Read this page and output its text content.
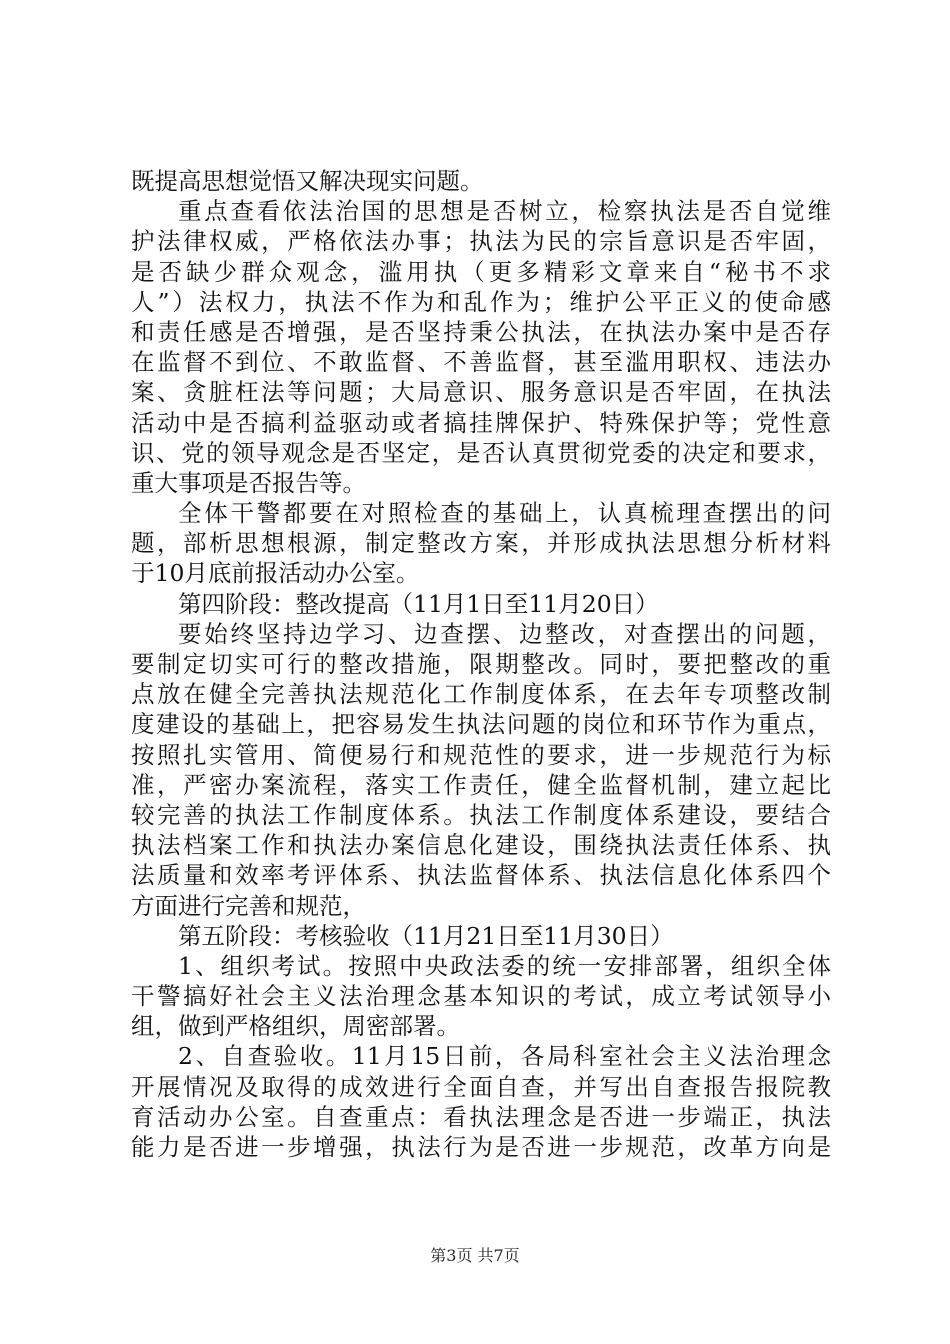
既提高思想觉悟又解决现实问题。
重点查看依法治国的思想是否树立，检察执法是否自觉维
护法律权威，严格依法办事；执法为民的宗旨意识是否牢固，
是否缺少群众观念，滥用执（更多精彩文章来自“秘书不求
人”）法权力，执法不作为和乱作为；维护公平正义的使命感
和责任感是否增强，是否坚持秉公执法，在执法办案中是否存
在监督不到位、不敢监督、不善监督，甚至滥用职权、违法办
案、贪脏枉法等问题；大局意识、服务意识是否牢固，在执法
活动中是否搞利益驱动或者搞挂牌保护、特殊保护等；党性意
识、党的领导观念是否坚定，是否认真贯彻党委的决定和要求，
重大事项是否报告等。
全体干警都要在对照检查的基础上，认真梳理查摆出的问
题，部析思想根源，制定整改方案，并形成执法思想分析材料
于10月底前报活动办公室。
第四阶段：整改提高（11月1日至11月20日）
要始终坚持边学习、边查摆、边整改，对查摆出的问题，
要制定切实可行的整改措施，限期整改。同时，要把整改的重
点放在健全完善执法规范化工作制度体系，在去年专项整改制
度建设的基础上，把容易发生执法问题的岗位和环节作为重点，
按照扎实管用、简便易行和规范性的要求，进一步规范行为标
准，严密办案流程，落实工作责任，健全监督机制，建立起比
较完善的执法工作制度体系。执法工作制度体系建设，要结合
执法档案工作和执法办案信息化建设，围绕执法责任体系、执
法质量和效率考评体系、执法监督体系、执法信息化体系四个
方面进行完善和规范，
第五阶段：考核验收（11月21日至11月30日）
1、组织考试。按照中央政法委的统一安排部署，组织全体
干警搞好社会主义法治理念基本知识的考试，成立考试领导小
组，做到严格组织，周密部署。
2、自查验收。11月15日前，各局科室社会主义法治理念
开展情况及取得的成效进行全面自查，并写出自查报告报院教
育活动办公室。自查重点：看执法理念是否进一步端正，执法
能力是否进一步增强，执法行为是否进一步规范，改革方向是
第3页 共7页
